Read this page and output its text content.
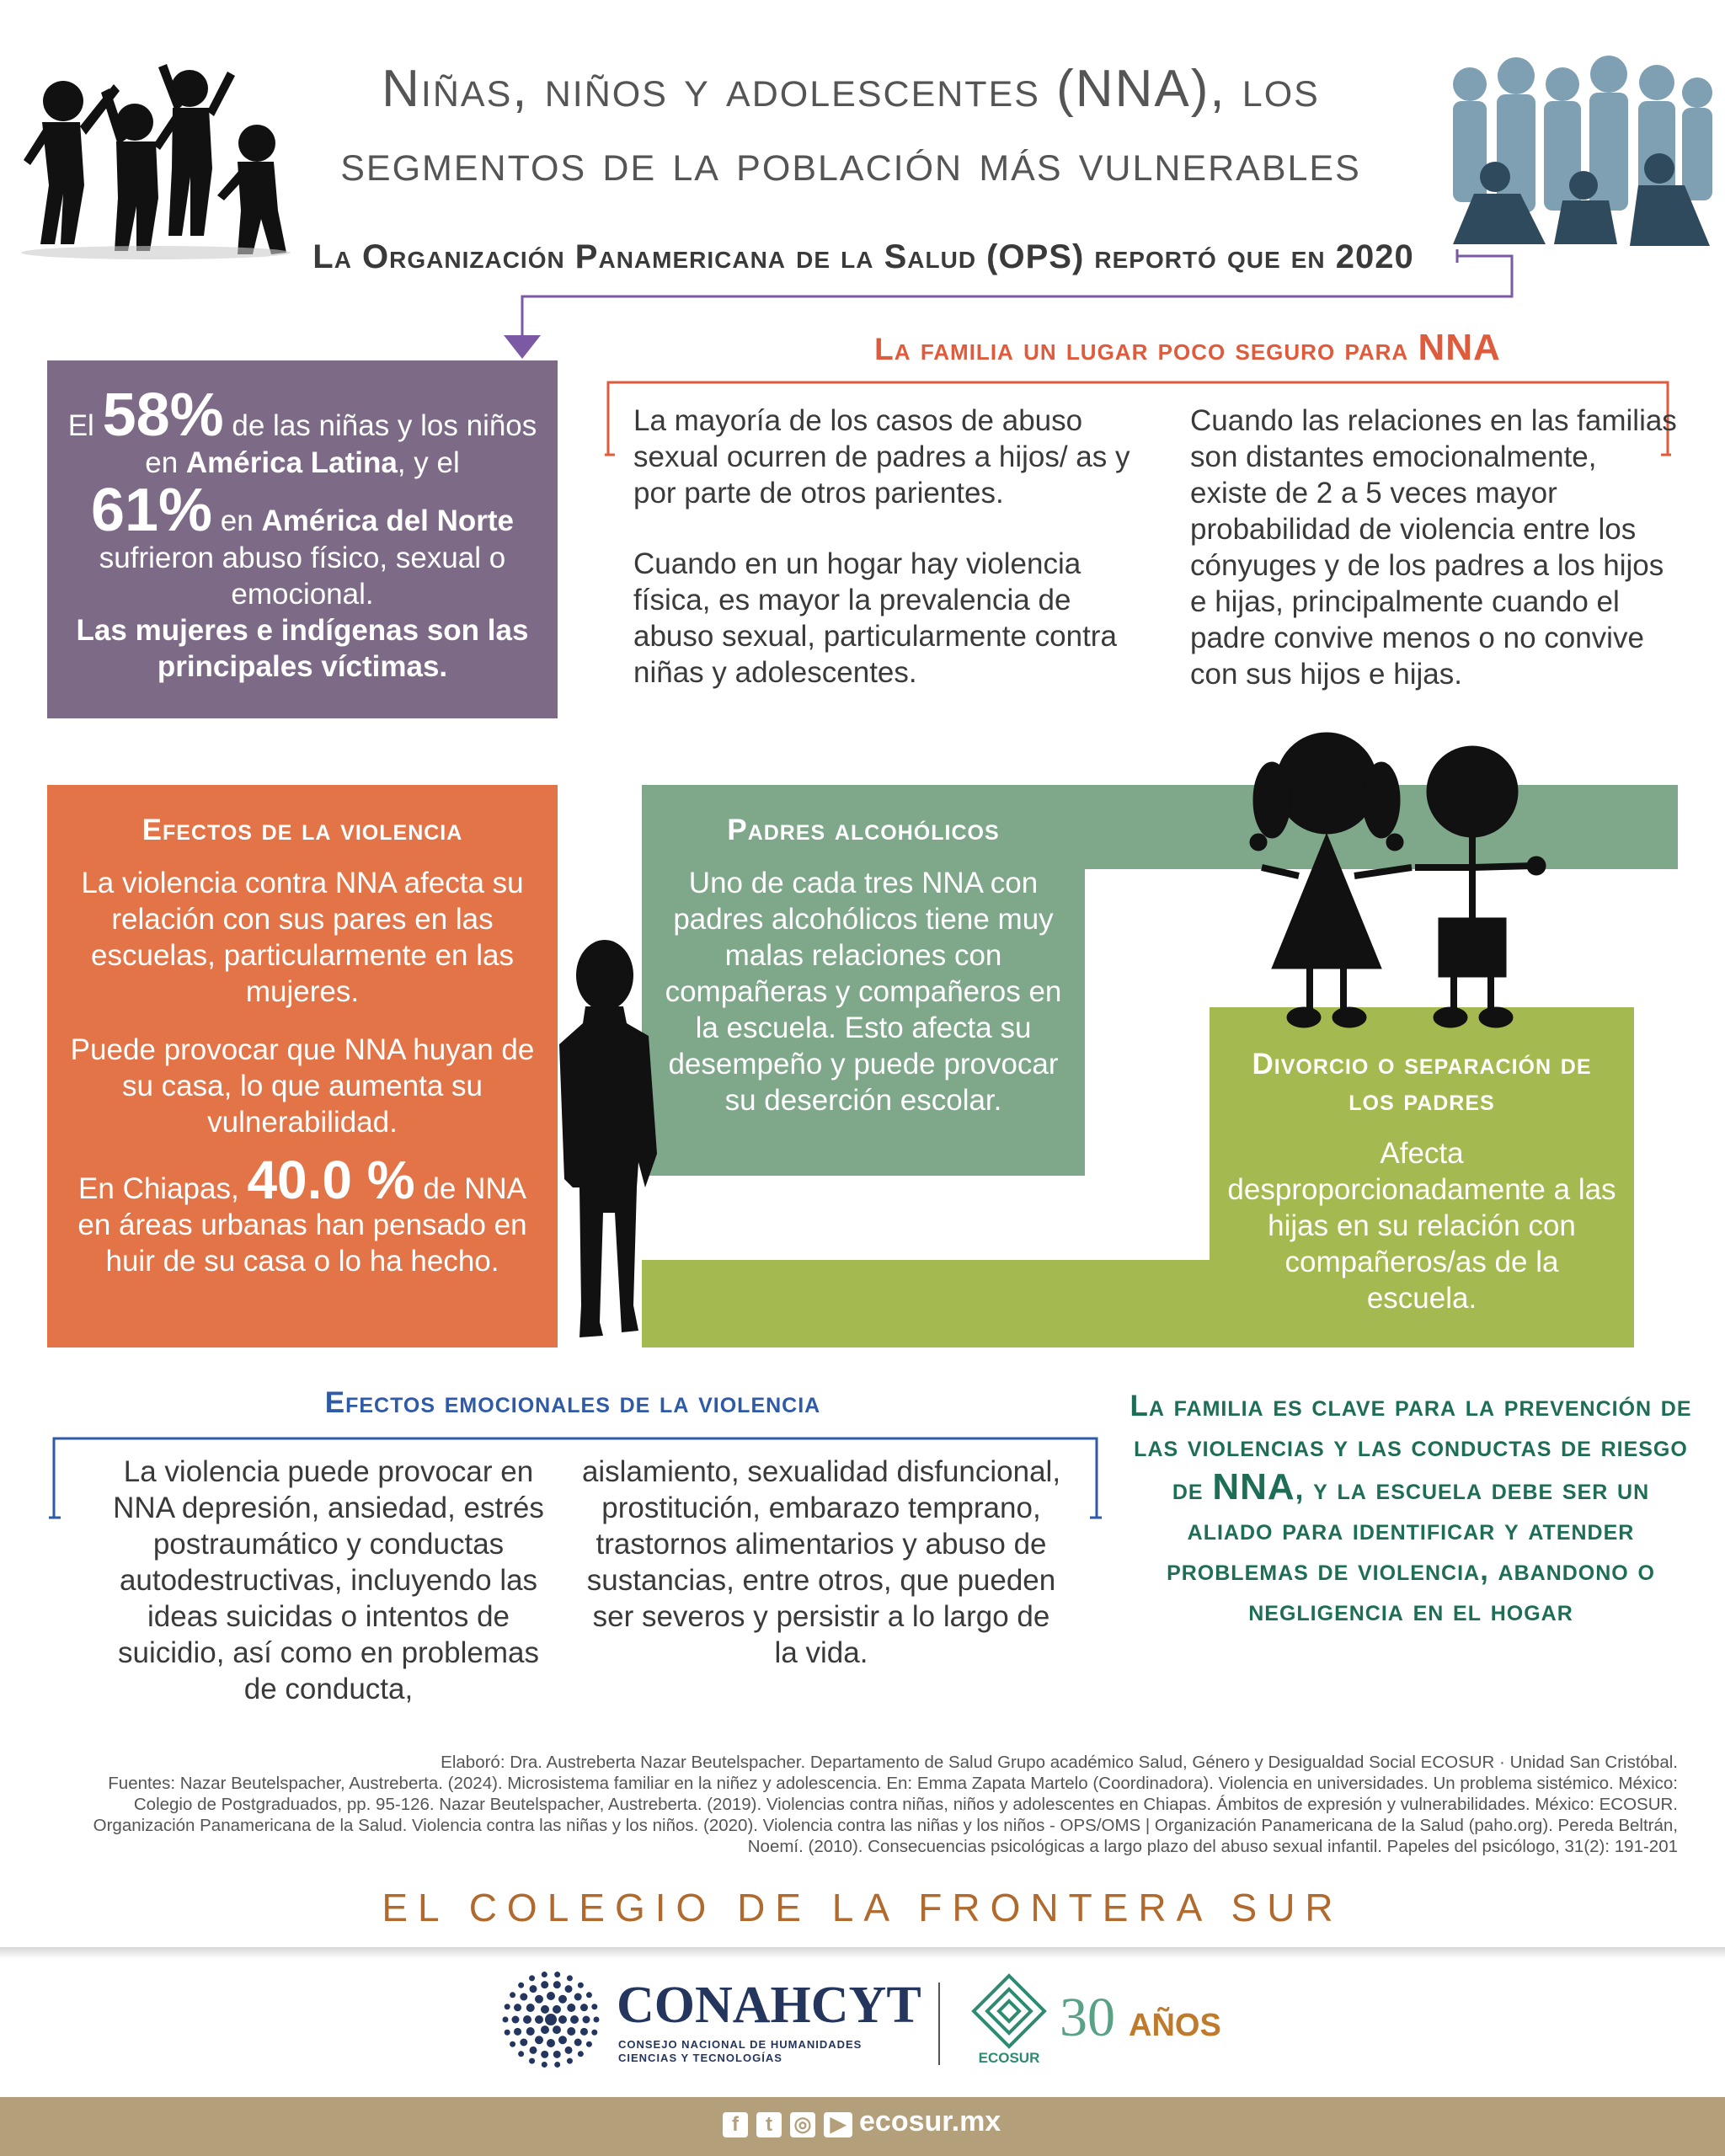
Niñas, niños y adolescentes (NNA), los
segmentos de la población más vulnerables
La Organización Panamericana de la Salud (OPS) reportó que en 2020
El 58% de las niñas y los niños en América Latina, y el
61% en América del Norte
sufrieron abuso físico, sexual o emocional.
Las mujeres e indígenas son las principales víctimas.
La familia un lugar poco seguro para NNA
La mayoría de los casos de abuso sexual ocurren de padres a hijos/ as y por parte de otros parientes.
Cuando en un hogar hay violencia física, es mayor la prevalencia de abuso sexual, particularmente contra niñas y adolescentes.
Cuando las relaciones en las familias son distantes emocionalmente, existe de 2 a 5 veces mayor probabilidad de violencia entre los cónyuges y de los padres a los hijos e hijas, principalmente cuando el padre convive menos o no convive con sus hijos e hijas.
Efectos de la violencia

La violencia contra NNA afecta su relación con sus pares en las escuelas, particularmente en las mujeres.

Puede provocar que NNA huyan de su casa, lo que aumenta su vulnerabilidad.

En Chiapas, 40.0 % de NNA en áreas urbanas han pensado en huir de su casa o lo ha hecho.

Padres alcohólicos
Uno de cada tres NNA con padres alcohólicos tiene muy malas relaciones con compañeras y compañeros en la escuela. Esto afecta su desempeño y puede provocar su deserción escolar.
Divorcio o separación de los padres
Afecta desproporcionadamente a las hijas en su relación con compañeros/as de la escuela.
Efectos emocionales de la violencia
La violencia puede provocar en NNA depresión, ansiedad, estrés postraumático y conductas autodestructivas, incluyendo las ideas suicidas o intentos de suicidio, así como en problemas de conducta,
aislamiento, sexualidad disfuncional, prostitución, embarazo temprano, trastornos alimentarios y abuso de sustancias, entre otros, que pueden ser severos y persistir a lo largo de la vida.
La familia es clave para la prevención de las violencias y las conductas de riesgo de NNA, y la escuela debe ser un aliado para identificar y atender problemas de violencia, abandono o negligencia en el hogar
Elaboró: Dra. Austreberta Nazar Beutelspacher. Departamento de Salud Grupo académico Salud, Género y Desigualdad Social ECOSUR · Unidad San Cristóbal.
Fuentes: Nazar Beutelspacher, Austreberta. (2024). Microsistema familiar en la niñez y adolescencia. En: Emma Zapata Martelo (Coordinadora). Violencia en universidades. Un problema sistémico. México: Colegio de Postgraduados, pp. 95-126. Nazar Beutelspacher, Austreberta. (2019). Violencias contra niñas, niños y adolescentes en Chiapas. Ámbitos de expresión y vulnerabilidades. México: ECOSUR. Organización Panamericana de la Salud. Violencia contra las niñas y los niños. (2020). Violencia contra las niñas y los niños - OPS/OMS | Organización Panamericana de la Salud (paho.org). Pereda Beltrán, Noemí. (2010). Consecuencias psicológicas a largo plazo del abuso sexual infantil. Papeles del psicólogo, 31(2): 191-201
EL COLEGIO DE LA FRONTERA SUR
CONAHCYT
CONSEJO NACIONAL DE HUMANIDADES
CIENCIAS Y TECNOLOGÍAS	ECOSUR
30 AÑOS
f	t	◎ ▶ ecosur.mx
